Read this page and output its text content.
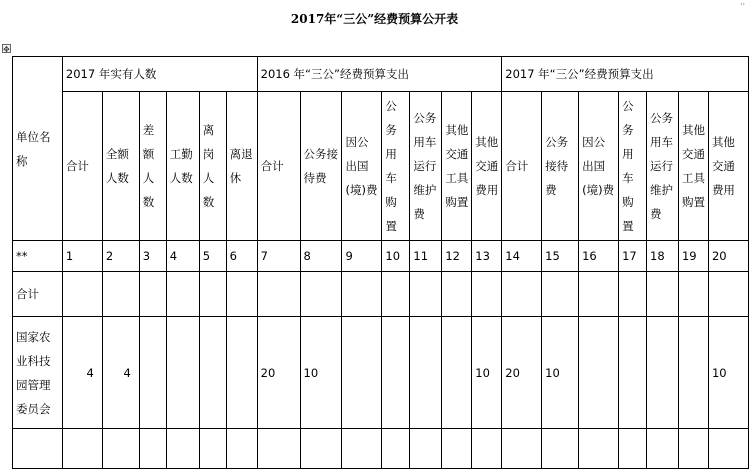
2017年“三公”经费预算公开表
''
✥
单位名称	2017 年实有人数						2016 年“三公”经费预算支出							2017 年“三公”经费预算支出						
	合计	全额人数	差额人数	工勤人数	离岗人数	离退休	合计	公务接待费	因公出国(境)费	公务用车购置	公务用车运行维护费	其他交通工具购置	其他交通费用	合计	公务接待费	因公出国(境)费	公务用车购置	公务用车运行维护费	其他交通工具购置	其他交通费用
**	1	2	3	4	5	6	7	8	9	10	11	12	13	14	15	16	17	18	19	20
合计																				
国家农业科技园管理委员会	4	4					20	10					10	20	10					10
